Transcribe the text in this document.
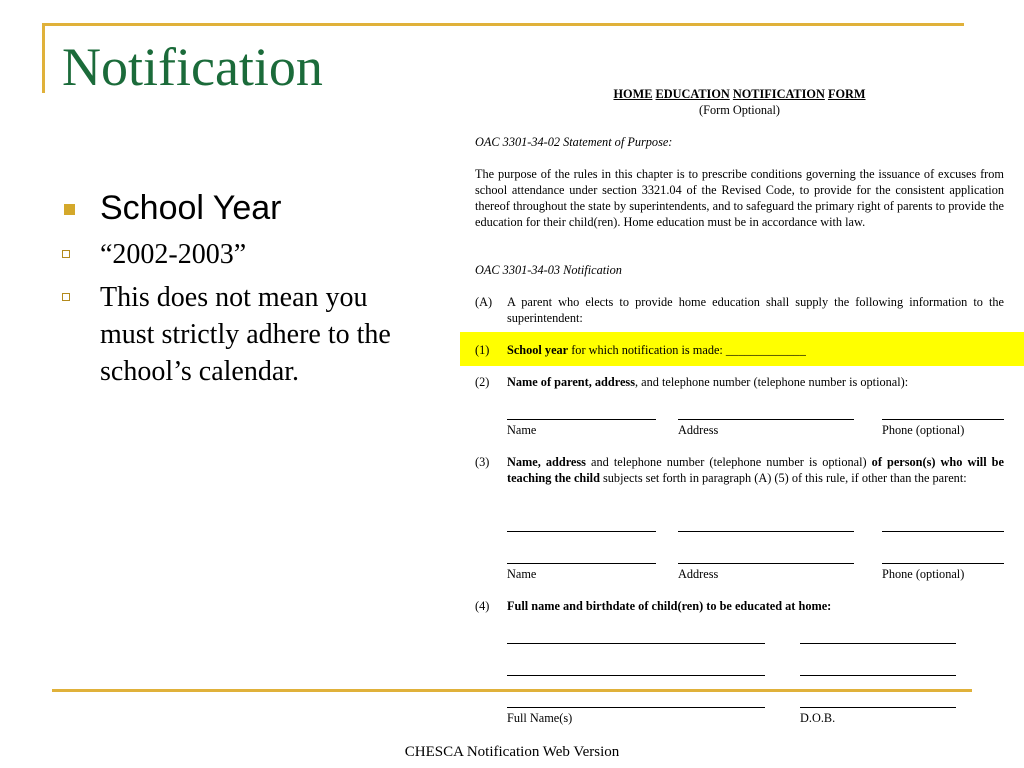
Notification
School Year
“2002-2003”
This does not mean you must strictly adhere to the school’s calendar.
HOME EDUCATION NOTIFICATION FORM
(Form Optional)
OAC 3301-34-02 Statement of Purpose:
The purpose of the rules in this chapter is to prescribe conditions governing the issuance of excuses from school attendance under section 3321.04 of the Revised Code, to provide for the consistent application thereof throughout the state by superintendents, and to safeguard the primary right of parents to provide the education for their child(ren). Home education must be in accordance with law.
OAC 3301-34-03 Notification
(A) A parent who elects to provide home education shall supply the following information to the superintendent:
(1) School year for which notification is made: _____________
(2) Name of parent, address, and telephone number (telephone number is optional):
Name	Address	Phone (optional)
(3) Name, address and telephone number (telephone number is optional) of person(s) who will be teaching the child subjects set forth in paragraph (A) (5) of this rule, if other than the parent:
Name	Address	Phone (optional)
(4) Full name and birthdate of child(ren) to be educated at home:
Full Name(s)	D.O.B.
CHESCA Notification Web Version
